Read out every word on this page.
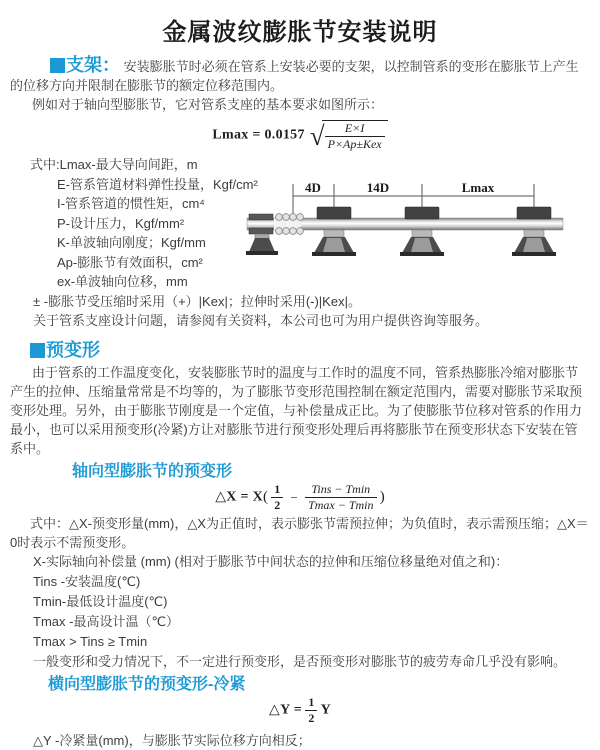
金属波纹膨胀节安装说明

支架： 安装膨胀节时必须在管系上安装必要的支架，以控制管系的变形在膨胀节上产生的位移方向并限制在膨胀节的额定位移范围内。

例如对于轴向型膨胀节，它对管系支座的基本要求如图所示：

Lmax = 0.0157 √ $\frac{E\times I}{\text{P×Ap±Kex}}$
式中:Lmax-最大导向间距，m
E-管系管道材料弹性投量，Kgf/cm²
I-管系管道的惯性矩，cm⁴
P-设计压力，Kgf/mm²
K-单波轴向刚度；Kgf/mm
Ap-膨胀节有效面积，cm²
ex-单波轴向位移，mm
4D	14D	Lmax

± -膨胀节受压缩时采用（+）|Kex|；拉伸时采用(-)|Kex|。

关于管系支座设计问题，请参阅有关资料，本公司也可为用户提供咨询等服务。

预变形

由于管系的工作温度变化，安装膨胀节时的温度与工作时的温度不同，管系热膨胀冷缩对膨胀节产生的拉伸、压缩量常常是不均等的，为了膨胀节变形范围控制在额定范围内，需要对膨胀节采取预变形处理。另外，由于膨胀节刚度是一个定值，与补偿量成正比。为了使膨胀节位移对管系的作用力最小，也可以采用预变形(冷紧)方让对膨胀节进行预变形处理后再将膨胀节在预变形状态下安装在管系中。

轴向型膨胀节的预变形
△X = $X( \frac{1}{2} - \frac{\text{Tins − Tmin}}{Tmax - Tmin}$ )

式中：△X-预变形量(mm)，△X为正值时，表示膨张节需预拉伸；为负值时，表示需预压缩；△X＝0时表示不需预变形。

X-实际轴向补偿量 (mm) (相对于膨胀节中间状态的拉伸和压缩位移量绝对值之和)：
Tins -安装温度(℃)
Tmin-最低设计温度(℃)
Tmax -最高设计温（℃）
Tmax > Tins ≥ Tmin

一般变形和受力情况下，不一定进行预变形，是否预变形对膨胀节的疲劳寿命几乎没有影响。

横向型膨胀节的预变形-冷紧
△Y = $\frac{1}{2}$ Y

△Y -冷紧量(mm)，与膨胀节实际位移方向相反；
